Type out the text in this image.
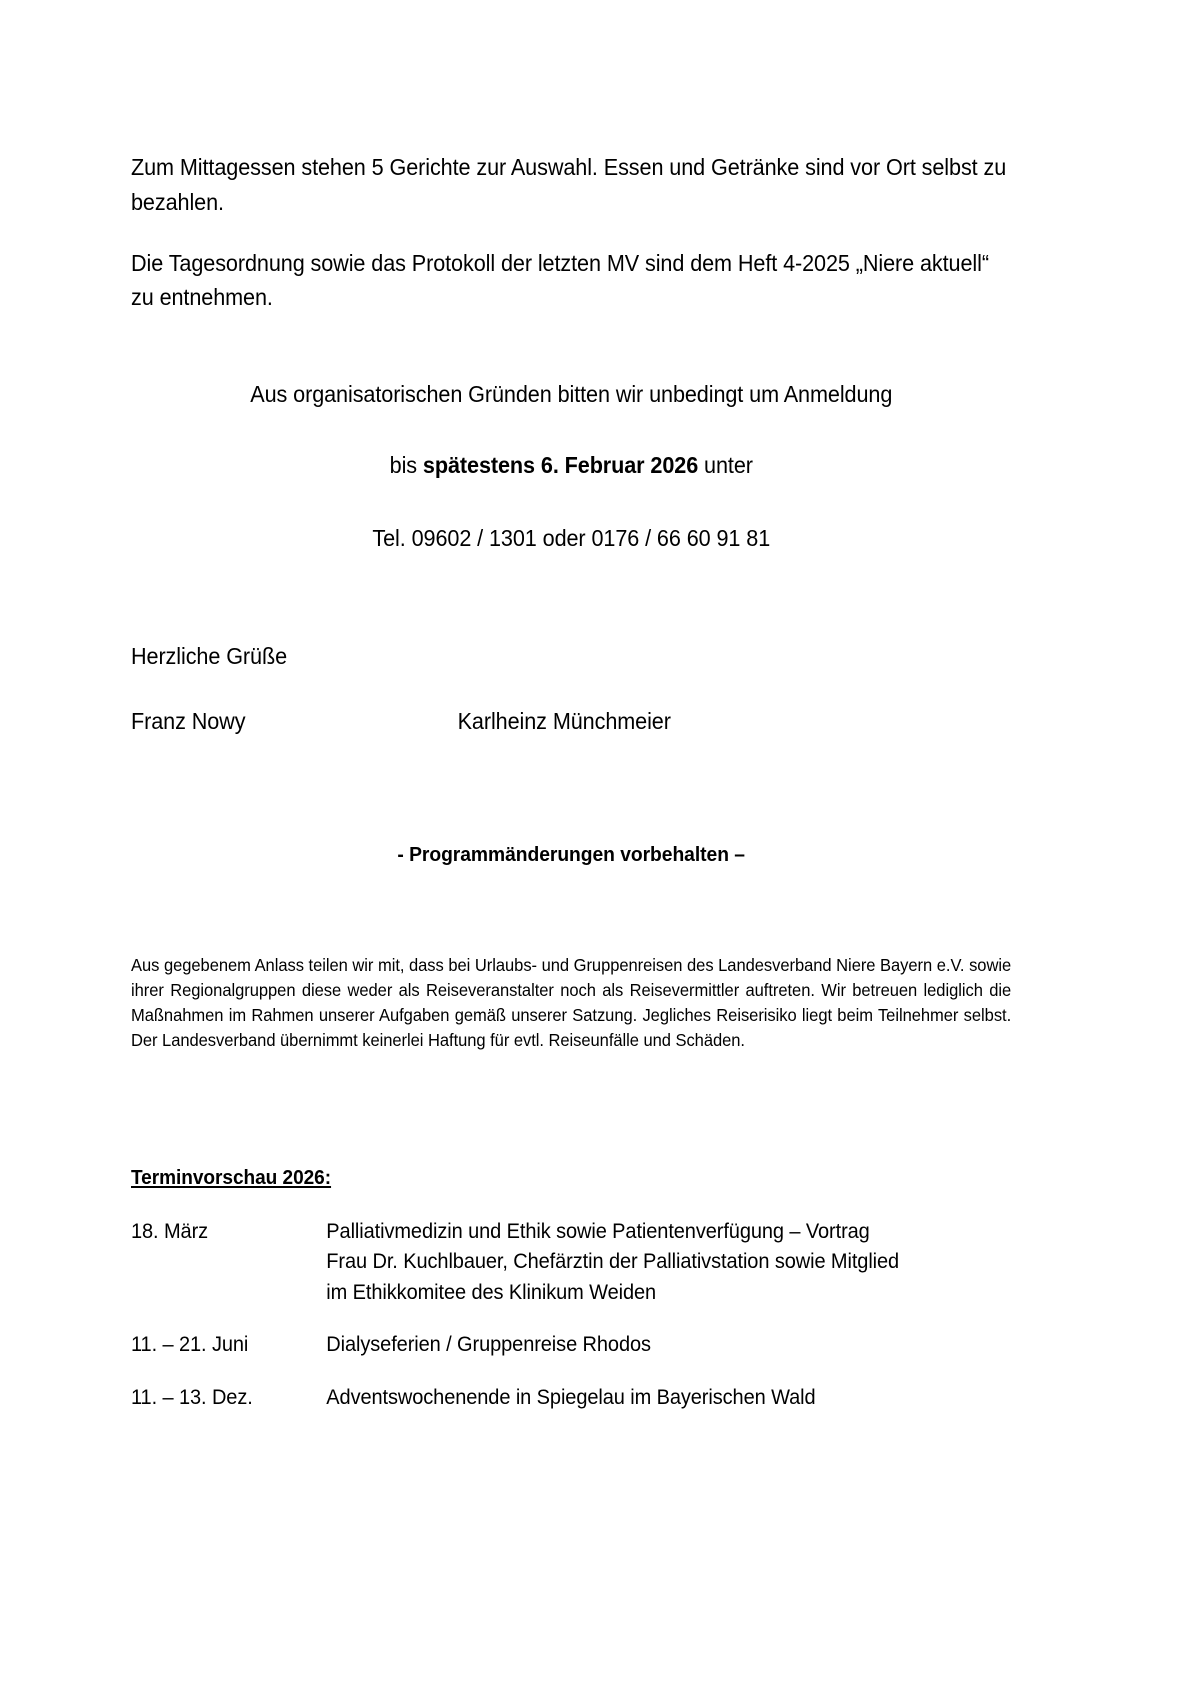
Zum Mittagessen stehen 5 Gerichte zur Auswahl. Essen und Getränke sind vor Ort selbst zu bezahlen.

Die Tagesordnung sowie das Protokoll der letzten MV sind dem Heft 4-2025 „Niere aktuell“ zu entnehmen.

Aus organisatorischen Gründen bitten wir unbedingt um Anmeldung

bis spätestens 6. Februar 2026 unter

Tel. 09602 / 1301 oder 0176 / 66 60 91 81

Herzliche Grüße

Franz Nowy	Karlheinz Münchmeier

- Programmänderungen vorbehalten –

Aus gegebenem Anlass teilen wir mit, dass bei Urlaubs- und Gruppenreisen des Landesverband Niere Bayern e.V. sowie ihrer Regionalgruppen diese weder als Reiseveranstalter noch als Reisevermittler auftreten. Wir betreuen lediglich die Maßnahmen im Rahmen unserer Aufgaben gemäß unserer Satzung. Jegliches Reiserisiko liegt beim Teilnehmer selbst. Der Landesverband übernimmt keinerlei Haftung für evtl. Reiseunfälle und Schäden.

Terminvorschau 2026:
18. März	Palliativmedizin und Ethik sowie Patientenverfügung – Vortrag
Frau Dr. Kuchlbauer, Chefärztin der Palliativstation sowie Mitglied
im Ethikkomitee des Klinikum Weiden
11. – 21. Juni	Dialyseferien / Gruppenreise Rhodos
11. – 13. Dez.	Adventswochenende in Spiegelau im Bayerischen Wald
